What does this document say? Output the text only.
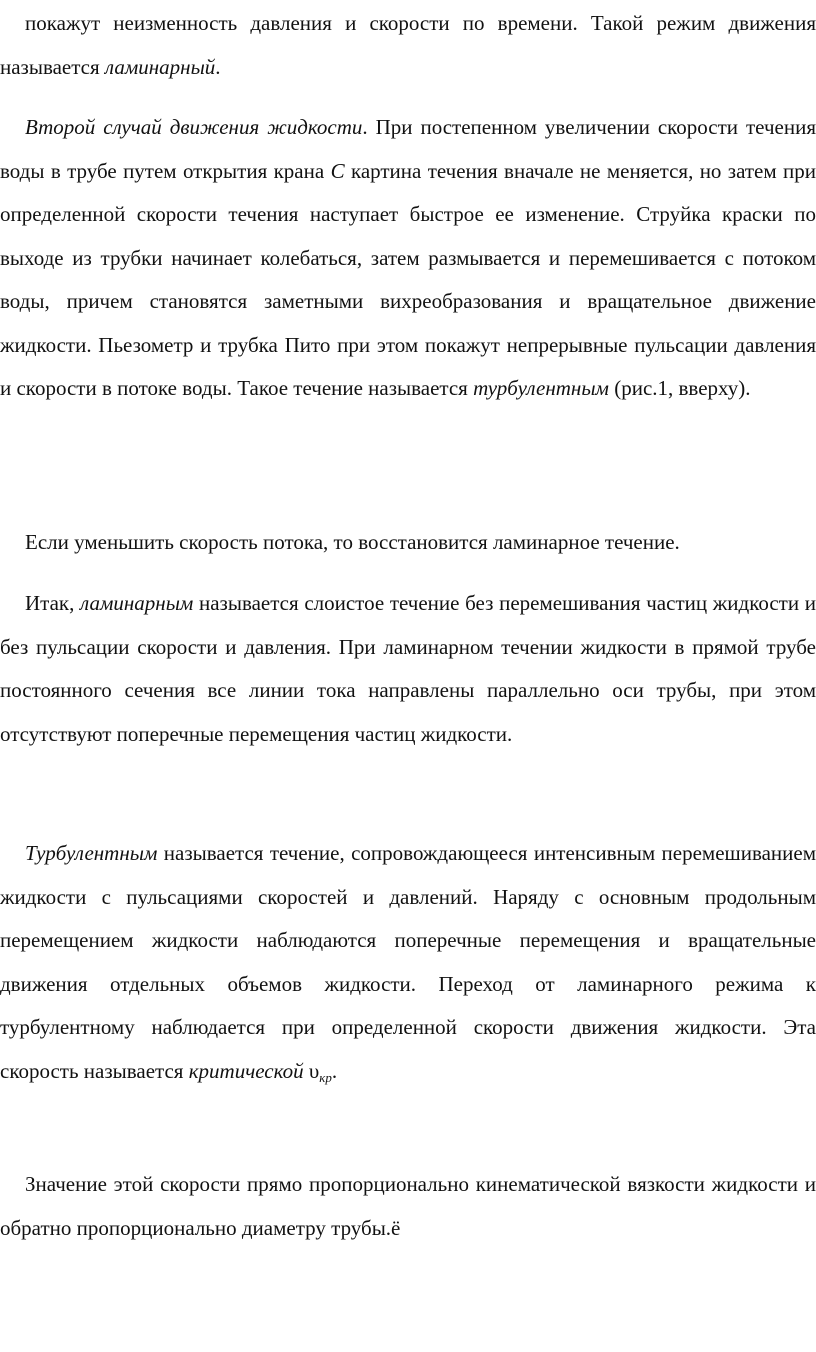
покажут неизменность давления и скорости по времени. Такой режим движения называется ламинарный.

Второй случай движения жидкости. При постепенном увеличении скорости течения воды в трубе путем открытия крана С картина течения вначале не меняется, но затем при определенной скорости течения наступает быстрое ее изменение. Струйка краски по выходе из трубки начинает колебаться, затем размывается и перемешивается с потоком воды, причем становятся заметными вихреобразования и вращательное движение жидкости. Пьезометр и трубка Пито при этом покажут непрерывные пульсации давления и скорости в потоке воды. Такое течение называется турбулентным (рис.1, вверху).

Если уменьшить скорость потока, то восстановится ламинарное течение.

Итак, ламинарным называется слоистое течение без перемешивания частиц жидкости и без пульсации скорости и давления. При ламинарном течении жидкости в прямой трубе постоянного сечения все линии тока направлены параллельно оси трубы, при этом отсутствуют поперечные перемещения частиц жидкости.

Турбулентным называется течение, сопровождающееся интенсивным перемешиванием жидкости с пульсациями скоростей и давлений. Наряду с основным продольным перемещением жидкости наблюдаются поперечные перемещения и вращательные движения отдельных объемов жидкости. Переход от ламинарного режима к турбулентному наблюдается при определенной скорости движения жидкости. Эта скорость называется критической $\upsilon_{кр}$.

Значение этой скорости прямо пропорционально кинематической вязкости жидкости и обратно пропорционально диаметру трубы.ё
